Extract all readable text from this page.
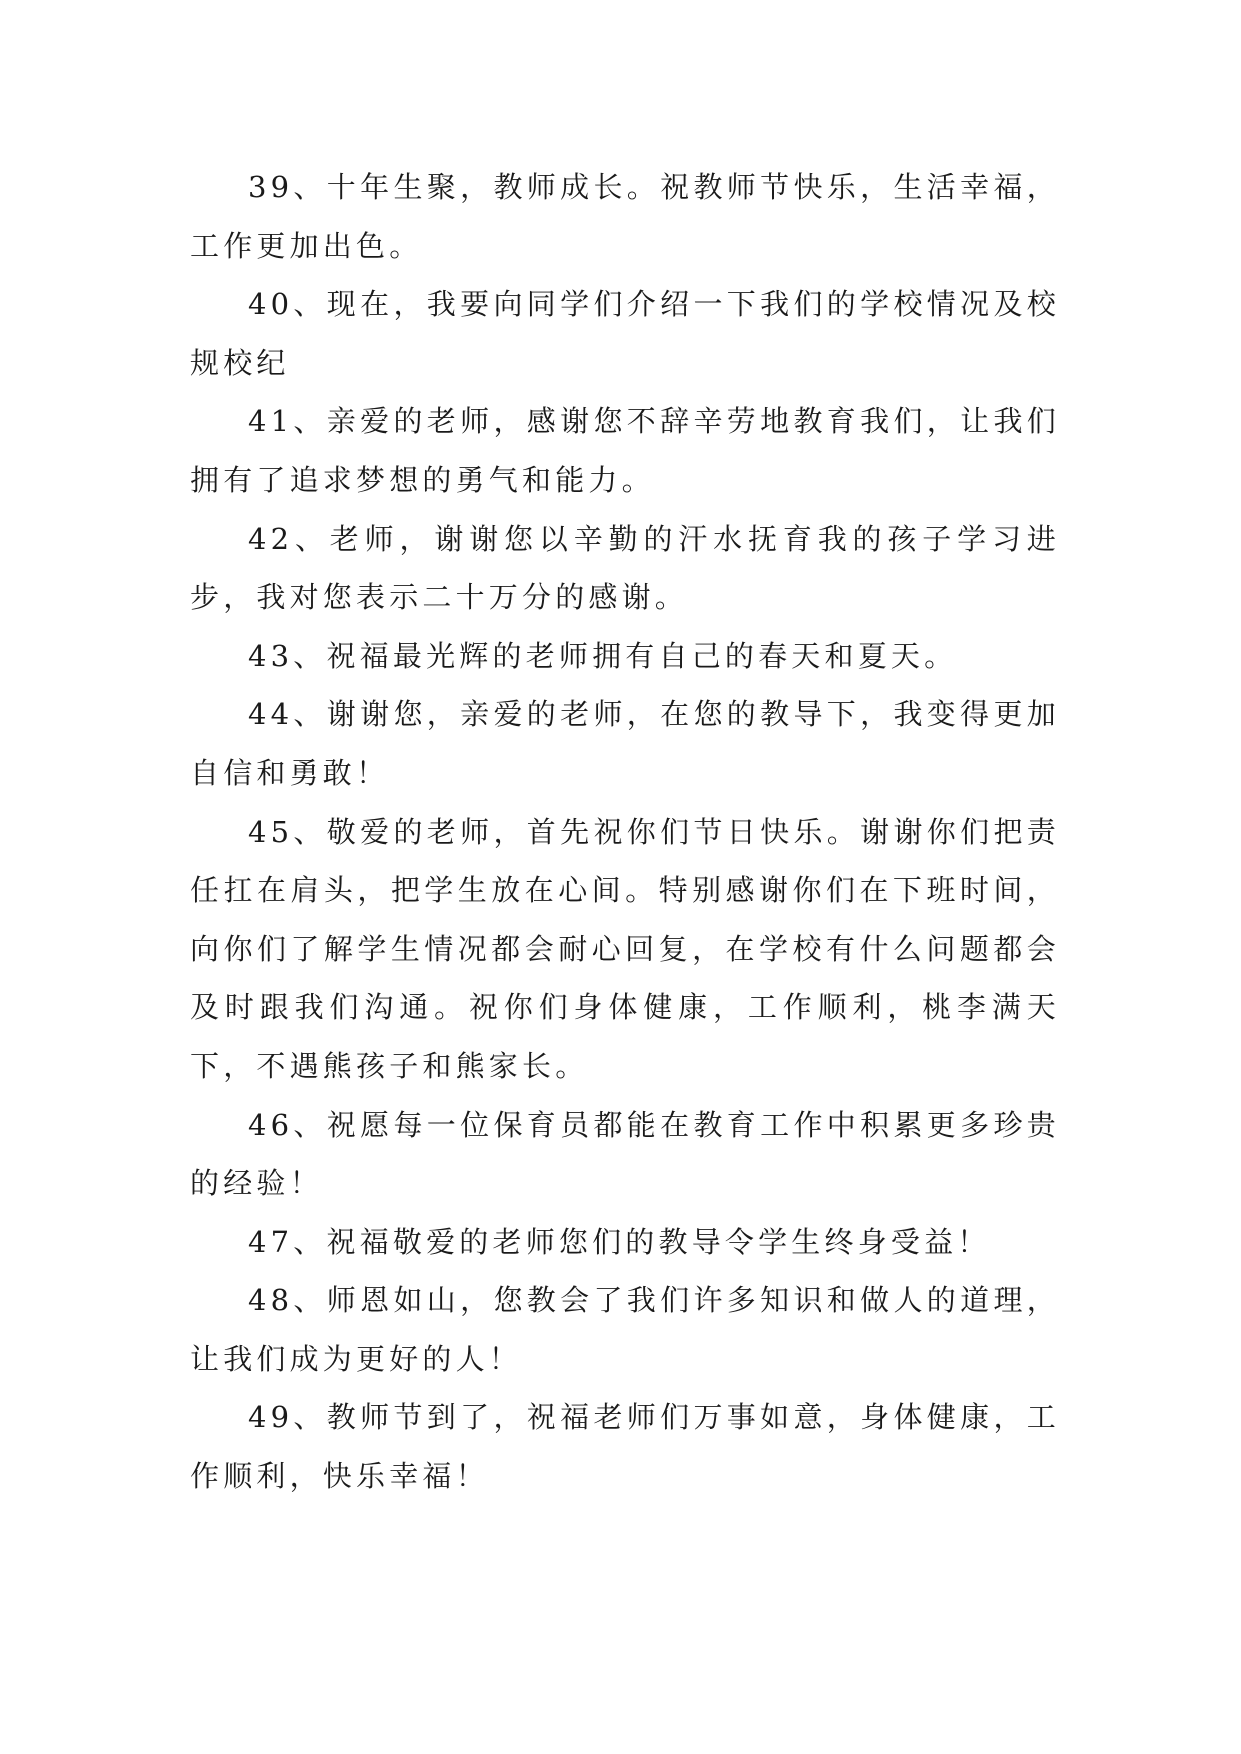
39、十年生聚，教师成长。祝教师节快乐，生活幸福，工作更加出色。

40、现在，我要向同学们介绍一下我们的学校情况及校规校纪

41、亲爱的老师，感谢您不辞辛劳地教育我们，让我们拥有了追求梦想的勇气和能力。

42、老师，谢谢您以辛勤的汗水抚育我的孩子学习进步，我对您表示二十万分的感谢。

43、祝福最光辉的老师拥有自己的春天和夏天。

44、谢谢您，亲爱的老师，在您的教导下，我变得更加自信和勇敢！

45、敬爱的老师，首先祝你们节日快乐。谢谢你们把责任扛在肩头，把学生放在心间。特别感谢你们在下班时间，向你们了解学生情况都会耐心回复，在学校有什么问题都会及时跟我们沟通。祝你们身体健康，工作顺利，桃李满天下，不遇熊孩子和熊家长。

46、祝愿每一位保育员都能在教育工作中积累更多珍贵的经验！

47、祝福敬爱的老师您们的教导令学生终身受益！

48、师恩如山，您教会了我们许多知识和做人的道理，让我们成为更好的人！

49、教师节到了，祝福老师们万事如意，身体健康，工作顺利，快乐幸福！
